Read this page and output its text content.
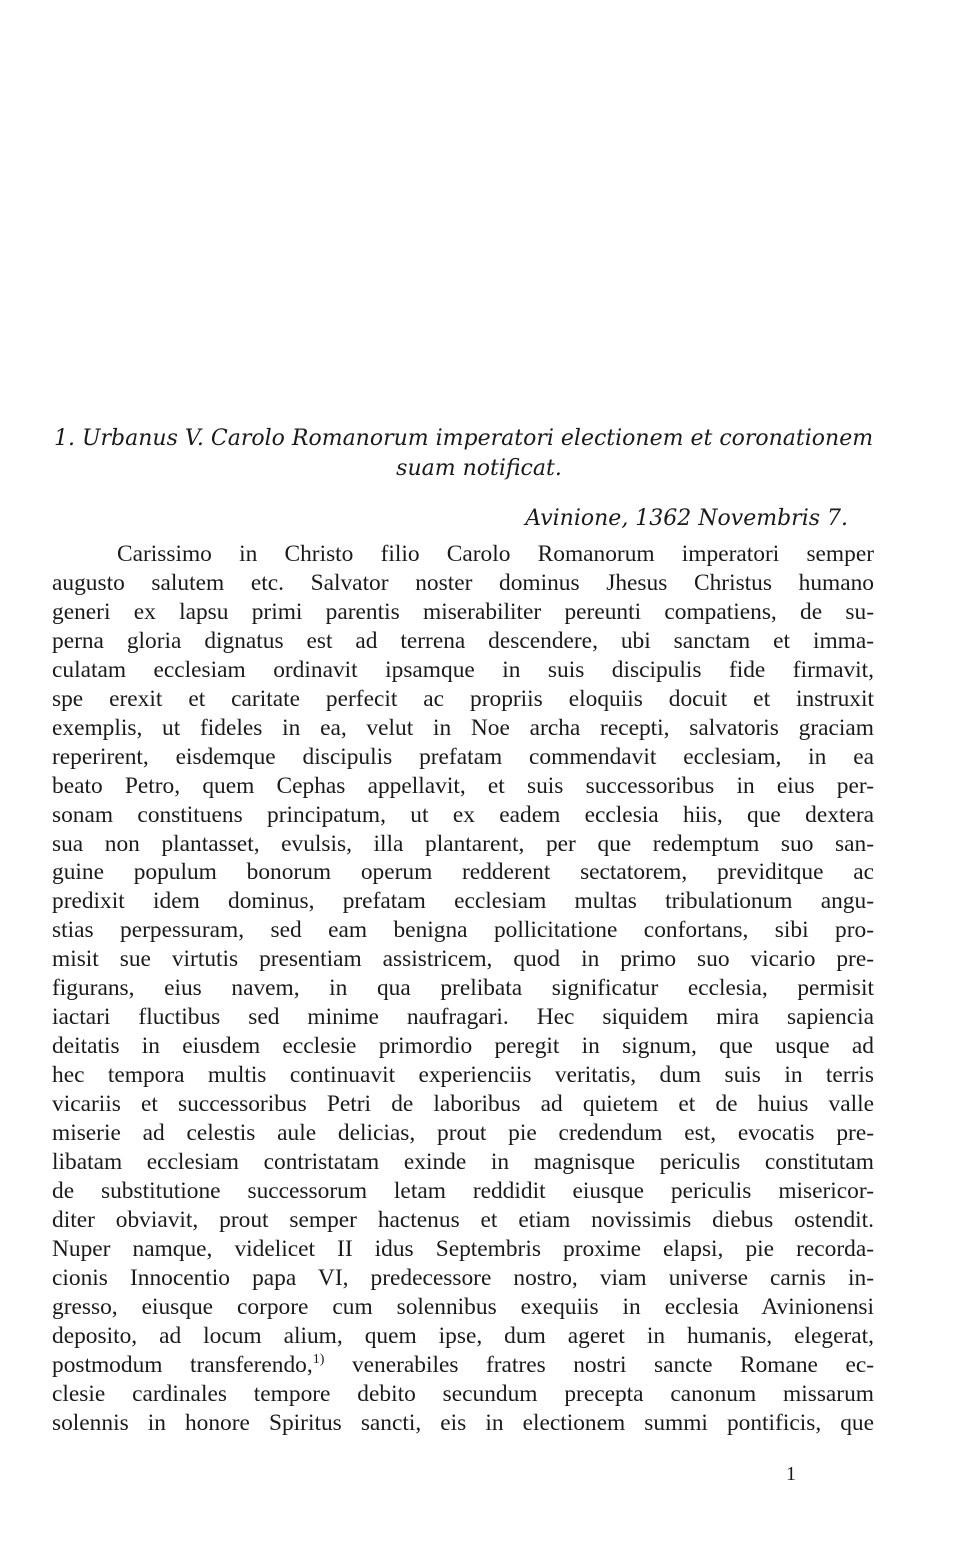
1. Urbanus V. Carolo Romanorum imperatori electionem et coronationem
suam notificat.
Avinione, 1362 Novembris 7.
Carissimo in Christo filio Carolo Romanorum imperatori semper
augusto salutem etc. Salvator noster dominus Jhesus Christus humano
generi ex lapsu primi parentis miserabiliter pereunti compatiens, de su-
perna gloria dignatus est ad terrena descendere, ubi sanctam et imma-
culatam ecclesiam ordinavit ipsamque in suis discipulis fide firmavit,
spe erexit et caritate perfecit ac propriis eloquiis docuit et instruxit
exemplis, ut fideles in ea, velut in Noe archa recepti, salvatoris graciam
reperirent, eisdemque discipulis prefatam commendavit ecclesiam, in ea
beato Petro, quem Cephas appellavit, et suis successoribus in eius per-
sonam constituens principatum, ut ex eadem ecclesia hiis, que dextera
sua non plantasset, evulsis, illa plantarent, per que redemptum suo san-
guine populum bonorum operum redderent sectatorem, previditque ac
predixit idem dominus, prefatam ecclesiam multas tribulationum angu-
stias perpessuram, sed eam benigna pollicitatione confortans, sibi pro-
misit sue virtutis presentiam assistricem, quod in primo suo vicario pre-
figurans, eius navem, in qua prelibata significatur ecclesia, permisit
iactari fluctibus sed minime naufragari. Hec siquidem mira sapiencia
deitatis in eiusdem ecclesie primordio peregit in signum, que usque ad
hec tempora multis continuavit experienciis veritatis, dum suis in terris
vicariis et successoribus Petri de laboribus ad quietem et de huius valle
miserie ad celestis aule delicias, prout pie credendum est, evocatis pre-
libatam ecclesiam contristatam exinde in magnisque periculis constitutam
de substitutione successorum letam reddidit eiusque periculis misericor-
diter obviavit, prout semper hactenus et etiam novissimis diebus ostendit.
Nuper namque, videlicet II idus Septembris proxime elapsi, pie recorda-
cionis Innocentio papa VI, predecessore nostro, viam universe carnis in-
gresso, eiusque corpore cum solennibus exequiis in ecclesia Avinionensi
deposito, ad locum alium, quem ipse, dum ageret in humanis, elegerat,
postmodum transferendo,$^{1)}$ venerabiles fratres nostri sancte Romane ec-
clesie cardinales tempore debito secundum precepta canonum missarum
solennis in honore Spiritus sancti, eis in electionem summi pontificis, que
1
